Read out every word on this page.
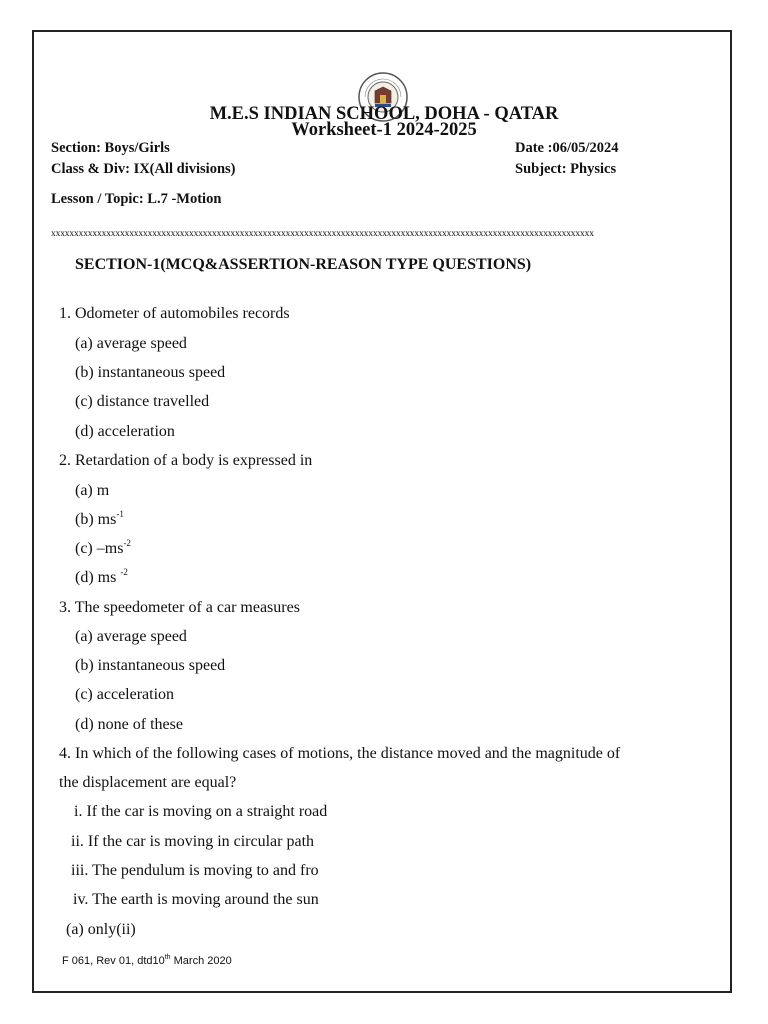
M.E.S INDIAN SCHOOL, DOHA - QATAR
Worksheet-1 2024-2025
Section: Boys/Girls	Date :06/05/2024
Class & Div: IX(All divisions)	Subject: Physics
Lesson / Topic: L.7 -Motion
xxxxxxxxxxxxxxxxxxxxxxxxxxxxxxxxxxxxxxxxxxxxxxxxxxxxxxxxxxxxxxxxxxxxxxxxxxxxxxxxxxxxxxxxxxxxxxxxxxxxxxxxxxxxxxxxxxxxxx
SECTION-1(MCQ&ASSERTION-REASON TYPE QUESTIONS)
1. Odometer of automobiles records
(a) average speed
(b) instantaneous speed
(c) distance travelled
(d) acceleration
2. Retardation of a body is expressed in
(a) m
(b) $ms^{-1}$
(c) $-ms^{-2}$
(d) ms $^{-2}$
3. The speedometer of a car measures
(a) average speed
(b) instantaneous speed
(c) acceleration
(d) none of these
4. In which of the following cases of motions, the distance moved and the magnitude of
the displacement are equal?
i. If the car is moving on a straight road
ii. If the car is moving in circular path
iii. The pendulum is moving to and fro
iv. The earth is moving around the sun
(a) only(ii)
F 061, Rev 01, dtd10th March 2020
